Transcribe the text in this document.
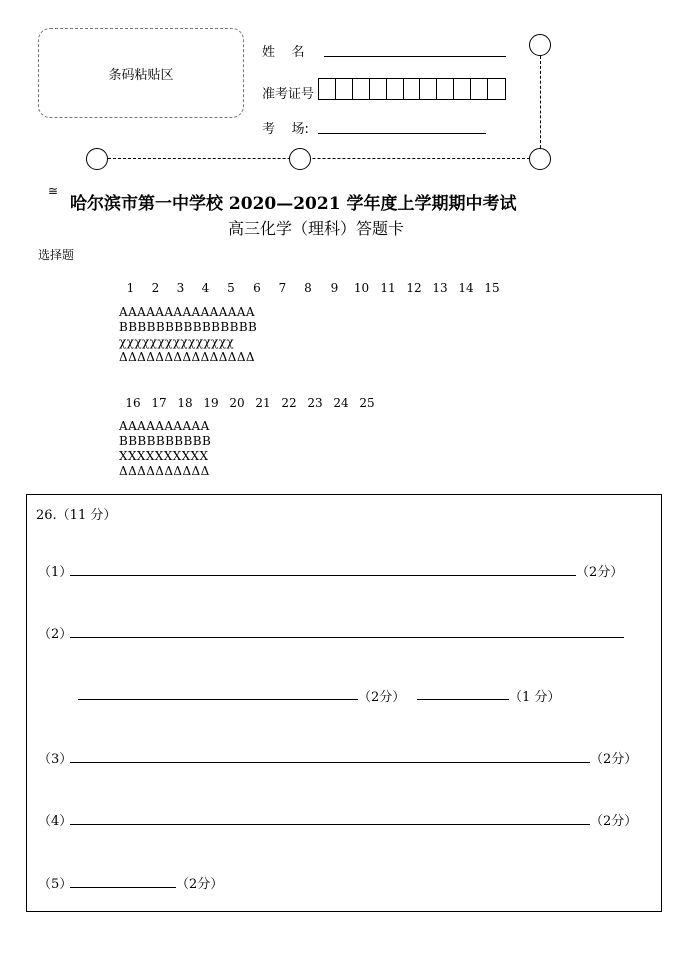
条码粘贴区
姓    名
准考证号
考    场:
≅
哈尔滨市第一中学校 2020—2021 学年度上学期期中考试
高三化学（理科）答题卡
选择题
1	2	3	4	5	6	7	8	9	10 11 12 13 14 15
AAAAAAAAAAAAAAA
BBBBBBBBBBBBBBB
χχχχχχχχχχχχχχχ
ΔΔΔΔΔΔΔΔΔΔΔΔΔΔΔ
16 17 18 19 20 21 22 23 24 25
AAAAAAAAAA
BBBBBBBBBB
XXXXXXXXXX
ΔΔΔΔΔΔΔΔΔΔ
26.（11 分）
（1）	（2分）
（2）
（2分）	（1 分）
（3）	（2分）
（4）	（2分）
（5）	（2分）
